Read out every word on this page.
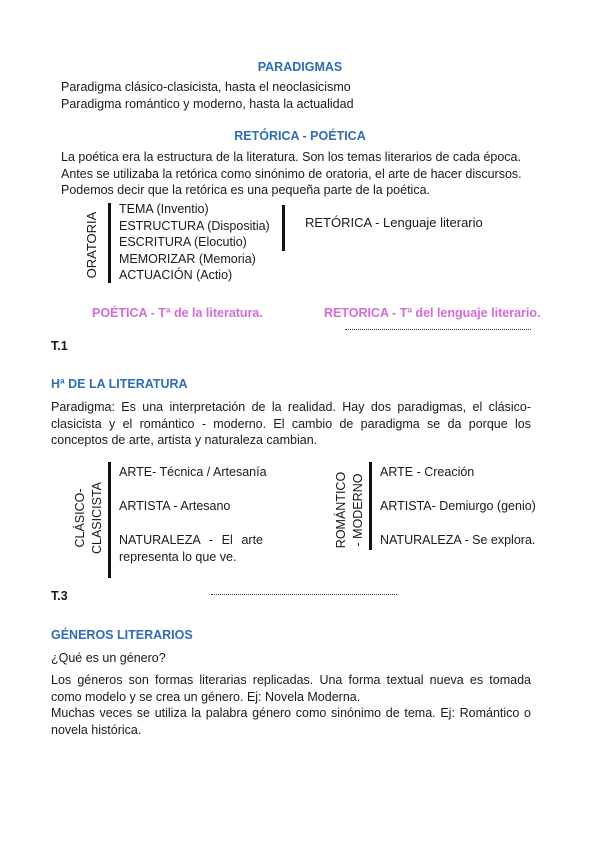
PARADIGMAS
Paradigma clásico-clasicista, hasta el neoclasicismo
Paradigma romántico y moderno, hasta la actualidad
RETÓRICA - POÉTICA
La poética era la estructura de la literatura. Son los temas literarios de cada época.
Antes se utilizaba la retórica como sinónimo de oratoria, el arte de hacer discursos.
Podemos decir que la retórica es una pequeña parte de la poética.
ORATORIA
TEMA (Inventio)
ESTRUCTURA (Dispositia)
ESCRITURA (Elocutio)
MEMORIZAR (Memoria)
ACTUACIÓN (Actio)
RETÓRICA - Lenguaje literario
POÉTICA - Tª de la literatura.	RETORICA - Tª del lenguaje literario.
T.1
Hª DE LA LITERATURA
Paradigma: Es una interpretación de la realidad. Hay dos paradigmas, el clásico-
clasicista y el romántico - moderno. El cambio de paradigma se da porque los
conceptos de arte, artista y naturaleza cambian.
CLÁSICO- CLASICISTA
ARTE- Técnica / Artesanía
ARTISTA - Artesano
NATURALEZA - El arte
representa lo que ve.
ROMÁNTICO - MODERNO
ARTE - Creación
ARTISTA- Demiurgo (genio)
NATURALEZA - Se explora.
T.3
GÉNEROS LITERARIOS
¿Qué es un género?
Los géneros son formas literarias replicadas. Una forma textual nueva es tomada
como modelo y se crea un género. Ej: Novela Moderna.
Muchas veces se utiliza la palabra género como sinónimo de tema. Ej: Romántico o
novela histórica.
